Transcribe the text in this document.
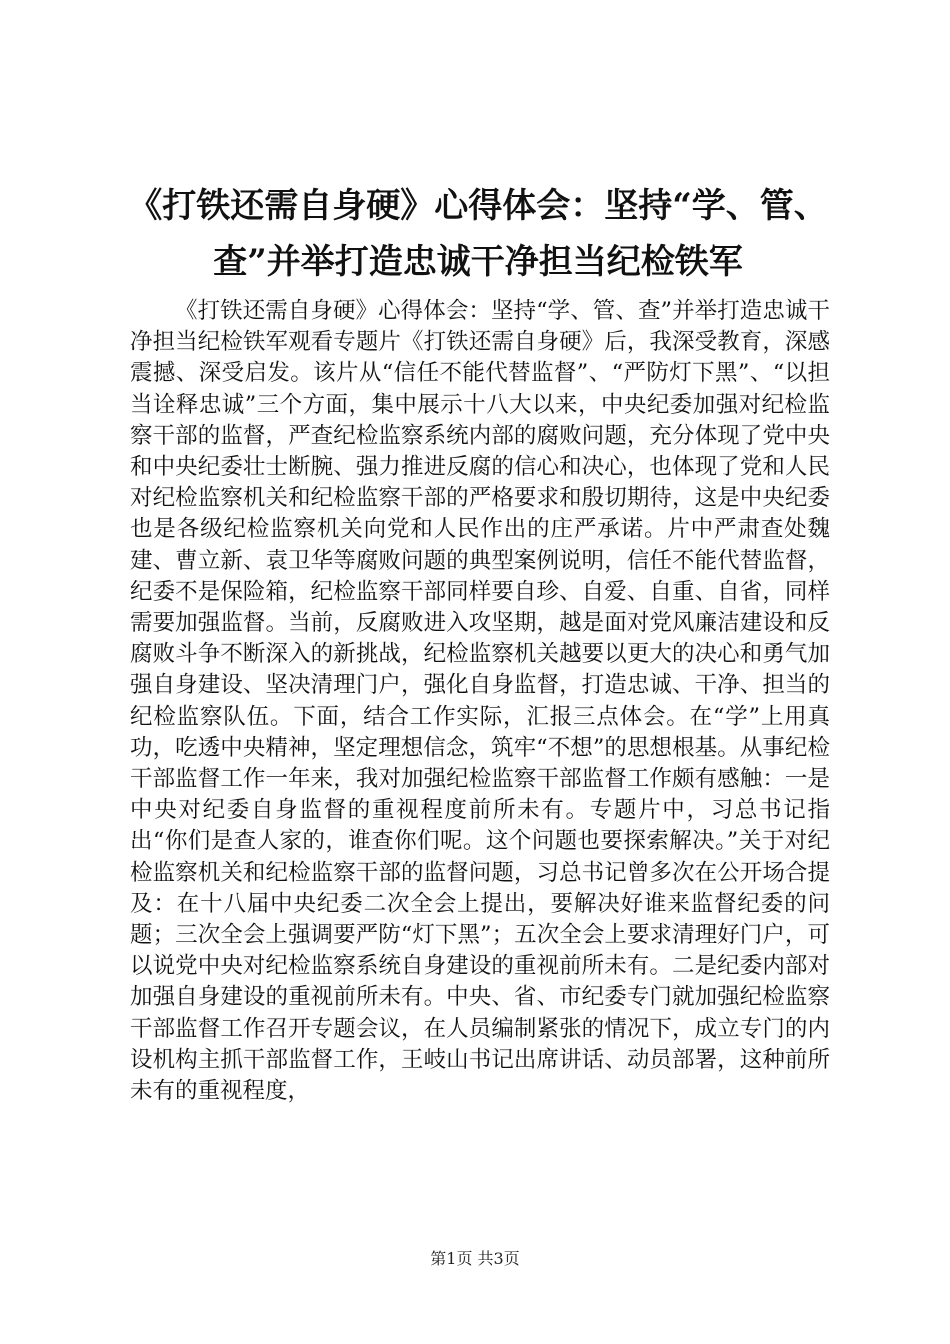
《打铁还需自身硬》心得体会：坚持“学、管、
查”并举打造忠诚干净担当纪检铁军

《打铁还需自身硬》心得体会：坚持“学、管、查”并举打造忠诚干净担当纪检铁军观看专题片《打铁还需自身硬》后，我深受教育，深感震撼、深受启发。该片从“信任不能代替监督”、“严防灯下黑”、“以担当诠释忠诚”三个方面，集中展示十八大以来，中央纪委加强对纪检监察干部的监督，严查纪检监察系统内部的腐败问题，充分体现了党中央和中央纪委壮士断腕、强力推进反腐的信心和决心，也体现了党和人民对纪检监察机关和纪检监察干部的严格要求和殷切期待，这是中央纪委也是各级纪检监察机关向党和人民作出的庄严承诺。片中严肃查处魏建、曹立新、袁卫华等腐败问题的典型案例说明，信任不能代替监督，纪委不是保险箱，纪检监察干部同样要自珍、自爱、自重、自省，同样需要加强监督。当前，反腐败进入攻坚期，越是面对党风廉洁建设和反腐败斗争不断深入的新挑战，纪检监察机关越要以更大的决心和勇气加强自身建设、坚决清理门户，强化自身监督，打造忠诚、干净、担当的纪检监察队伍。下面，结合工作实际，汇报三点体会。在“学”上用真功，吃透中央精神，坚定理想信念，筑牢“不想”的思想根基。从事纪检干部监督工作一年来，我对加强纪检监察干部监督工作颇有感触：一是中央对纪委自身监督的重视程度前所未有。专题片中，习总书记指出“你们是查人家的，谁查你们呢。这个问题也要探索解决。”关于对纪检监察机关和纪检监察干部的监督问题，习总书记曾多次在公开场合提及：在十八届中央纪委二次全会上提出，要解决好谁来监督纪委的问题；三次全会上强调要严防“灯下黑”；五次全会上要求清理好门户，可以说党中央对纪检监察系统自身建设的重视前所未有。二是纪委内部对加强自身建设的重视前所未有。中央、省、市纪委专门就加强纪检监察干部监督工作召开专题会议，在人员编制紧张的情况下，成立专门的内设机构主抓干部监督工作，王岐山书记出席讲话、动员部署，这种前所未有的重视程度，

第1页 共3页
